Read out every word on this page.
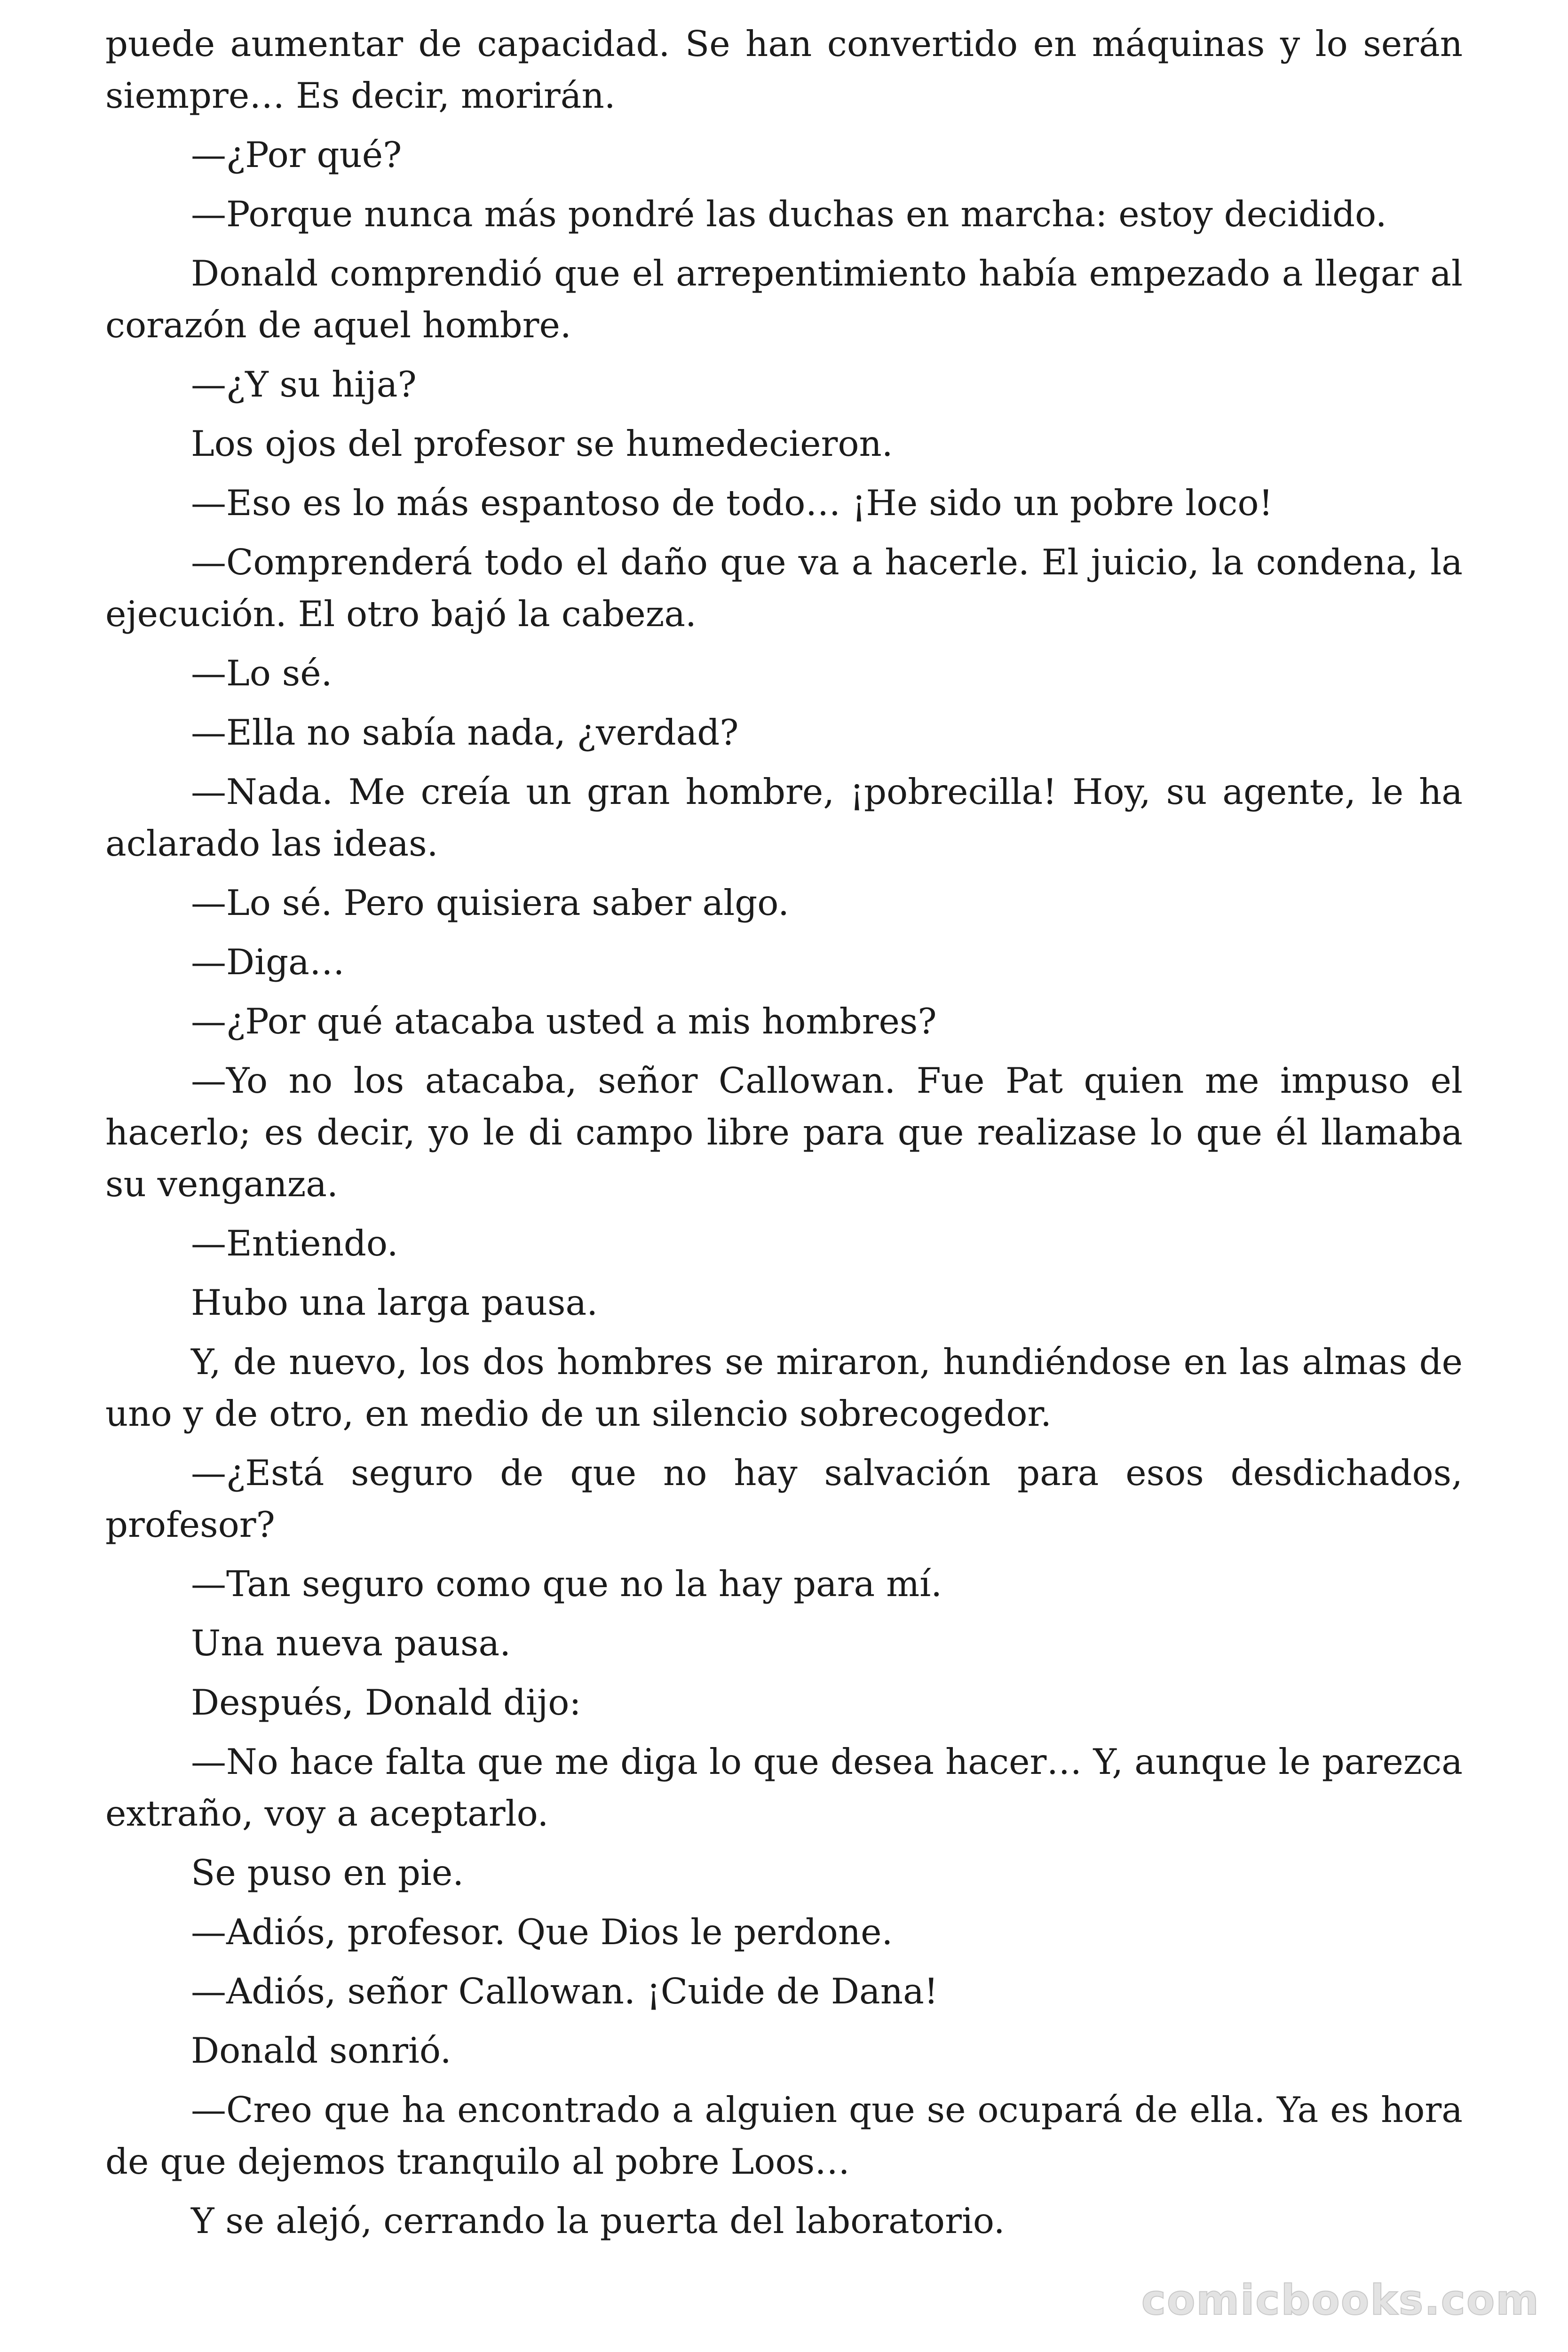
puede aumentar de capacidad. Se han convertido en máquinas y lo serán siempre… Es decir, morirán.

—¿Por qué?

—Porque nunca más pondré las duchas en marcha: estoy decidido.

Donald comprendió que el arrepentimiento había empezado a llegar al corazón de aquel hombre.

—¿Y su hija?

Los ojos del profesor se humedecieron.

—Eso es lo más espantoso de todo… ¡He sido un pobre loco!

—Comprenderá todo el daño que va a hacerle. El juicio, la condena, la ejecución. El otro bajó la cabeza.

—Lo sé.

—Ella no sabía nada, ¿verdad?

—Nada. Me creía un gran hombre, ¡pobrecilla! Hoy, su agente, le ha aclarado las ideas.

—Lo sé. Pero quisiera saber algo.

—Diga…

—¿Por qué atacaba usted a mis hombres?

—Yo no los atacaba, señor Callowan. Fue Pat quien me impuso el hacerlo; es decir, yo le di campo libre para que realizase lo que él llamaba su venganza.

—Entiendo.

Hubo una larga pausa.

Y, de nuevo, los dos hombres se miraron, hundiéndose en las almas de uno y de otro, en medio de un silencio sobrecogedor.

—¿Está seguro de que no hay salvación para esos desdichados, profesor?

—Tan seguro como que no la hay para mí.

Una nueva pausa.

Después, Donald dijo:

—No hace falta que me diga lo que desea hacer… Y, aunque le parezca extraño, voy a aceptarlo.

Se puso en pie.

—Adiós, profesor. Que Dios le perdone.

—Adiós, señor Callowan. ¡Cuide de Dana!

Donald sonrió.

—Creo que ha encontrado a alguien que se ocupará de ella. Ya es hora de que dejemos tranquilo al pobre Loos…

Y se alejó, cerrando la puerta del laboratorio.

comicbooks.com
